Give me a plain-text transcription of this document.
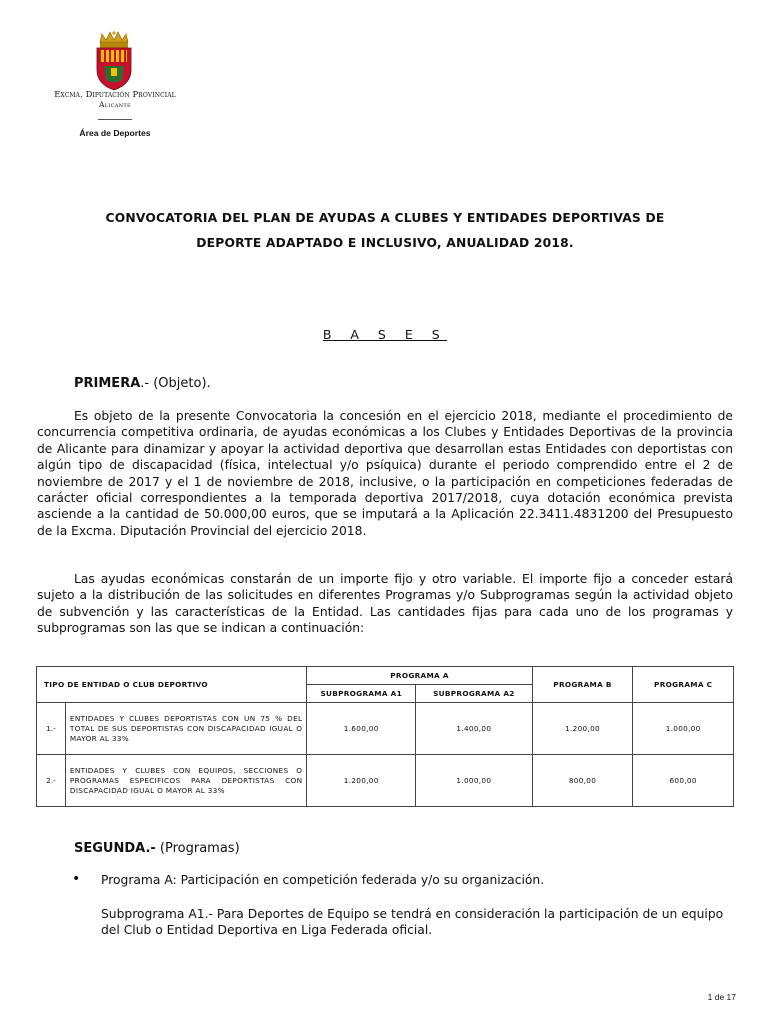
Excma. Diputación Provincial
Alicante
Área de Deportes
CONVOCATORIA DEL PLAN DE AYUDAS A CLUBES Y ENTIDADES DEPORTIVAS DE
DEPORTE ADAPTADO E INCLUSIVO, ANUALIDAD 2018.
B A S E S
PRIMERA.- (Objeto).
Es objeto de la presente Convocatoria la concesión en el ejercicio 2018, mediante el procedimiento de concurrencia competitiva ordinaria, de ayudas económicas a los Clubes y Entidades Deportivas de la provincia de Alicante para dinamizar y apoyar la actividad deportiva que desarrollan estas Entidades con deportistas con algún tipo de discapacidad (física, intelectual y/o psíquica) durante el periodo comprendido entre el 2 de noviembre de 2017 y el 1 de noviembre de 2018, inclusive, o la participación en competiciones federadas de carácter oficial correspondientes a la temporada deportiva 2017/2018, cuya dotación económica prevista asciende a la cantidad de 50.000,00 euros, que se imputará a la Aplicación 22.3411.4831200 del Presupuesto de la Excma. Diputación Provincial del ejercicio 2018.
Las ayudas económicas constarán de un importe fijo y otro variable. El importe fijo a conceder estará sujeto a la distribución de las solicitudes en diferentes Programas y/o Subprogramas según la actividad objeto de subvención y las características de la Entidad. Las cantidades fijas para cada uno de los programas y subprogramas son las que se indican a continuación:
TIPO DE ENTIDAD O CLUB DEPORTIVO		PROGRAMA A		PROGRAMA B	PROGRAMA C
		SUBPROGRAMA A1	SUBPROGRAMA A2		
1.-	ENTIDADES Y CLUBES DEPORTISTAS CON UN 75 % DEL TOTAL DE SUS DEPORTISTAS CON DISCAPACIDAD IGUAL O MAYOR AL 33%	1.600,00	1.400,00	1.200,00	1.000,00
2.-	ENTIDADES Y CLUBES CON EQUIPOS, SECCIONES O PROGRAMAS ESPECIFICOS PARA DEPORTISTAS CON DISCAPACIDAD IGUAL O MAYOR AL 33%	1.200,00	1.000,00	800,00	600,00
SEGUNDA.- (Programas)
• Programa A: Participación en competición federada y/o su organización.
Subprograma A1.- Para Deportes de Equipo se tendrá en consideración la participación de un equipo del Club o Entidad Deportiva en Liga Federada oficial.
1 de 17
